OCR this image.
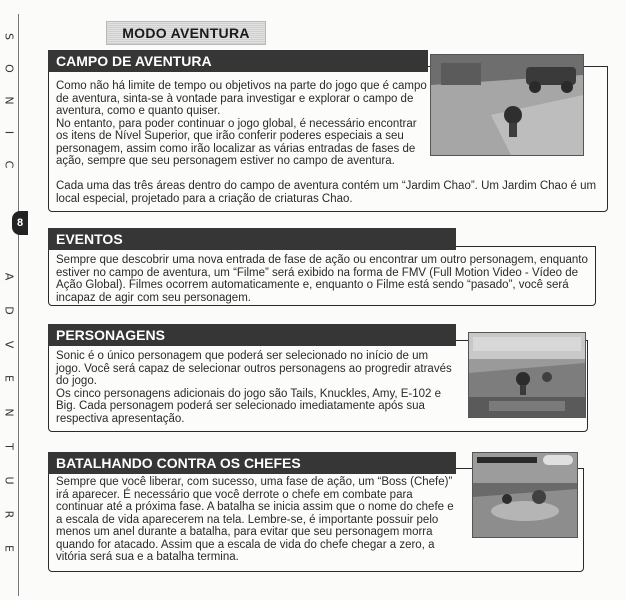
S
O
N
I
C
A
D
V
E
N
T
U
R
E
8
MODO AVENTURA
CAMPO DE AVENTURA

Como não há limite de tempo ou objetivos na parte do jogo que é campo de aventura, sinta-se à vontade para investigar e explorar o campo de aventura, como e quanto quiser.

No entanto, para poder continuar o jogo global, é necessário encontrar os itens de Nível Superior, que irão conferir poderes especiais a seu personagem, assim como irão localizar as várias entradas de fases de ação, sempre que seu personagem estiver no campo de aventura.

Cada uma das três áreas dentro do campo de aventura contém um “Jardim Chao”. Um Jardim Chao é um local especial, projetado para a criação de criaturas Chao.

EVENTOS

Sempre que descobrir uma nova entrada de fase de ação ou encontrar um outro personagem, enquanto estiver no campo de aventura, um “Filme” será exibido na forma de FMV (Full Motion Video - Vídeo de Ação Global). Filmes ocorrem automaticamente e, enquanto o Filme está sendo “pasado”, você será incapaz de agir com seu personagem.

PERSONAGENS

Sonic é o único personagem que poderá ser selecionado no início de um jogo. Você será capaz de selecionar outros personagens ao progredir através do jogo.

Os cinco personagens adicionais do jogo são Tails, Knuckles, Amy, E-102 e Big. Cada personagem poderá ser selecionado imediatamente após sua respectiva apresentação.

BATALHANDO CONTRA OS CHEFES

Sempre que você liberar, com sucesso, uma fase de ação, um “Boss (Chefe)” irá aparecer. É necessário que você derrote o chefe em combate para continuar até a próxima fase. A batalha se inicia assim que o nome do chefe e a escala de vida aparecerem na tela. Lembre-se, é importante possuir pelo menos um anel durante a batalha, para evitar que seu personagem morra quando for atacado. Assim que a escala de vida do chefe chegar a zero, a vitória será sua e a batalha termina.
